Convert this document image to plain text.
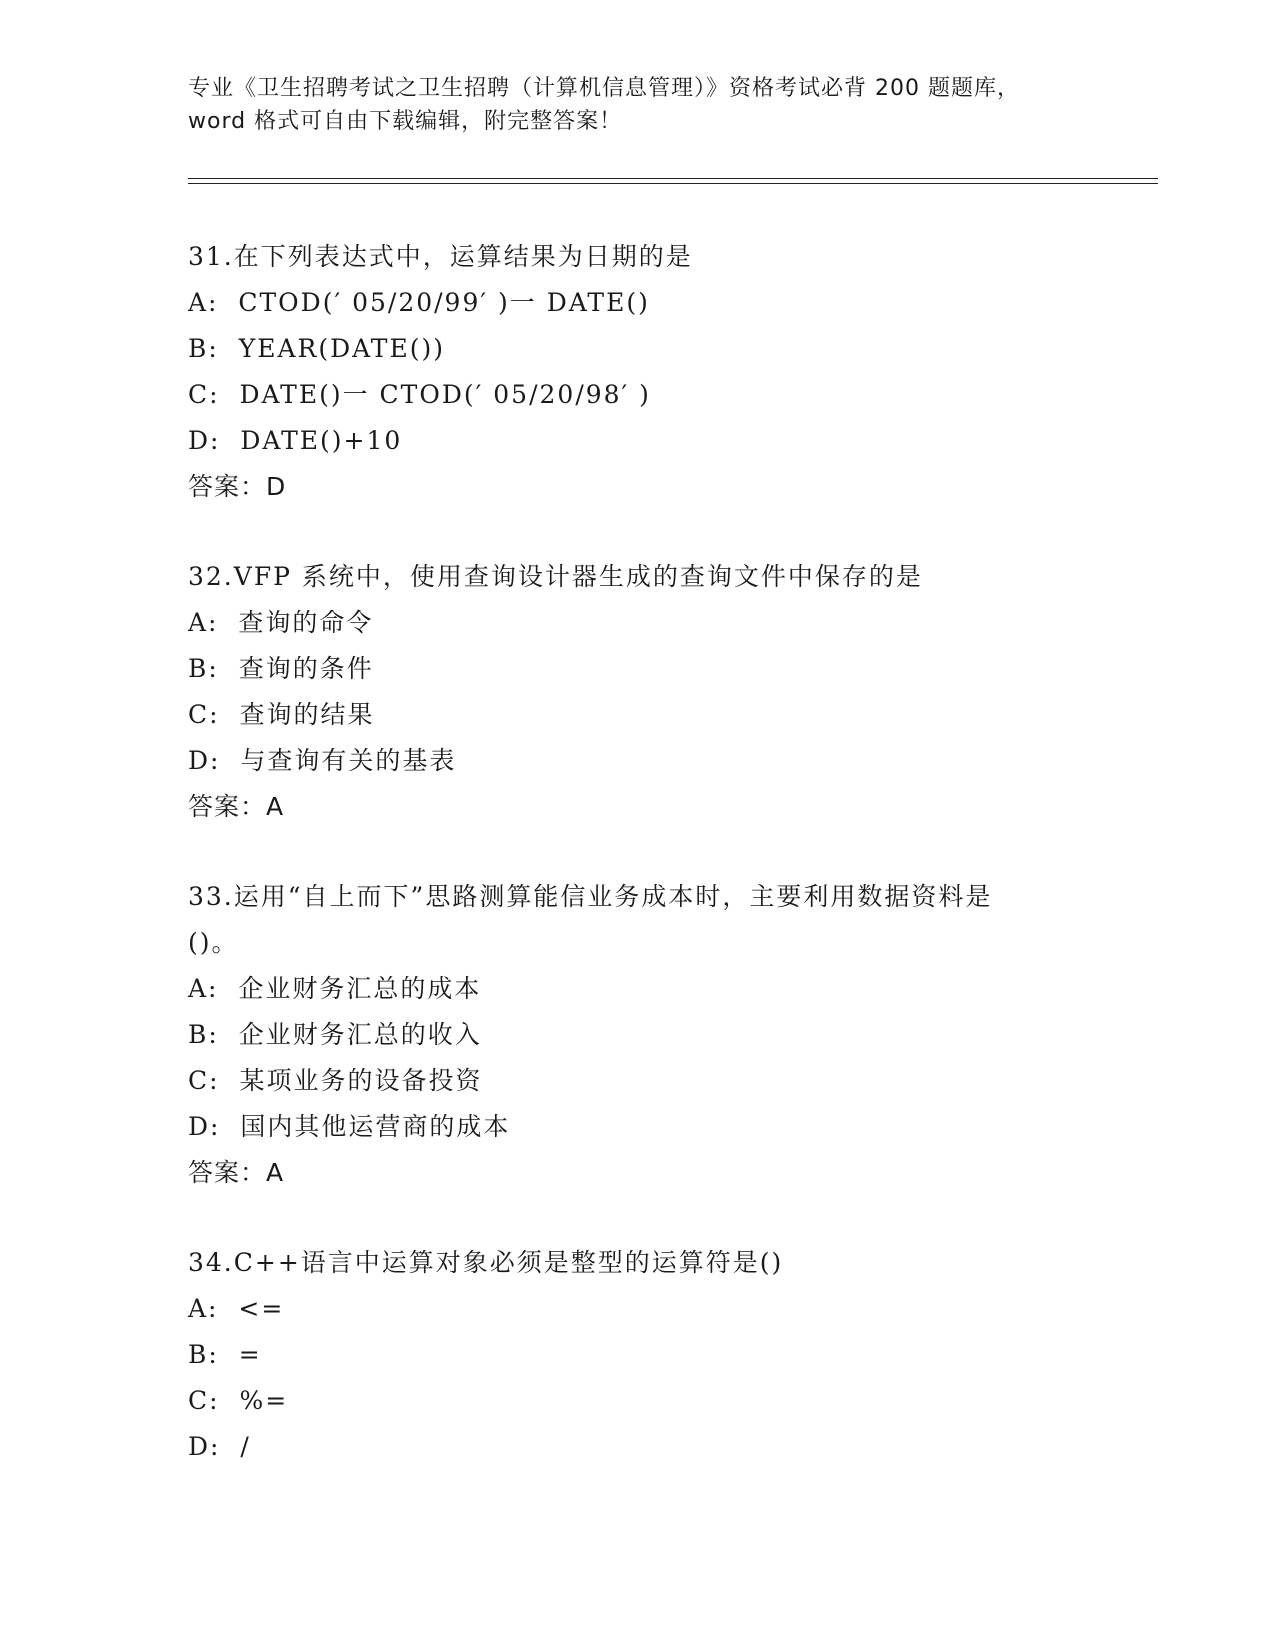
专业《卫生招聘考试之卫生招聘（计算机信息管理）》资格考试必背 200 题题库，
word 格式可自由下载编辑，附完整答案！
31.在下列表达式中，运算结果为日期的是
A:  CTOD(′ 05/20/99′ )一 DATE()
B:  YEAR(DATE())
C:  DATE()一 CTOD(′ 05/20/98′ )
D:  DATE()+10
答案：D
32.VFP 系统中，使用查询设计器生成的查询文件中保存的是
A:  查询的命令
B:  查询的条件
C:  查询的结果
D:  与查询有关的基表
答案：A
33.运用“自上而下”思路测算能信业务成本时，主要利用数据资料是
()。
A:  企业财务汇总的成本
B:  企业财务汇总的收入
C:  某项业务的设备投资
D:  国内其他运营商的成本
答案：A
34.C++语言中运算对象必须是整型的运算符是()
A:  <=
B:  =
C:  %=
D:  /
